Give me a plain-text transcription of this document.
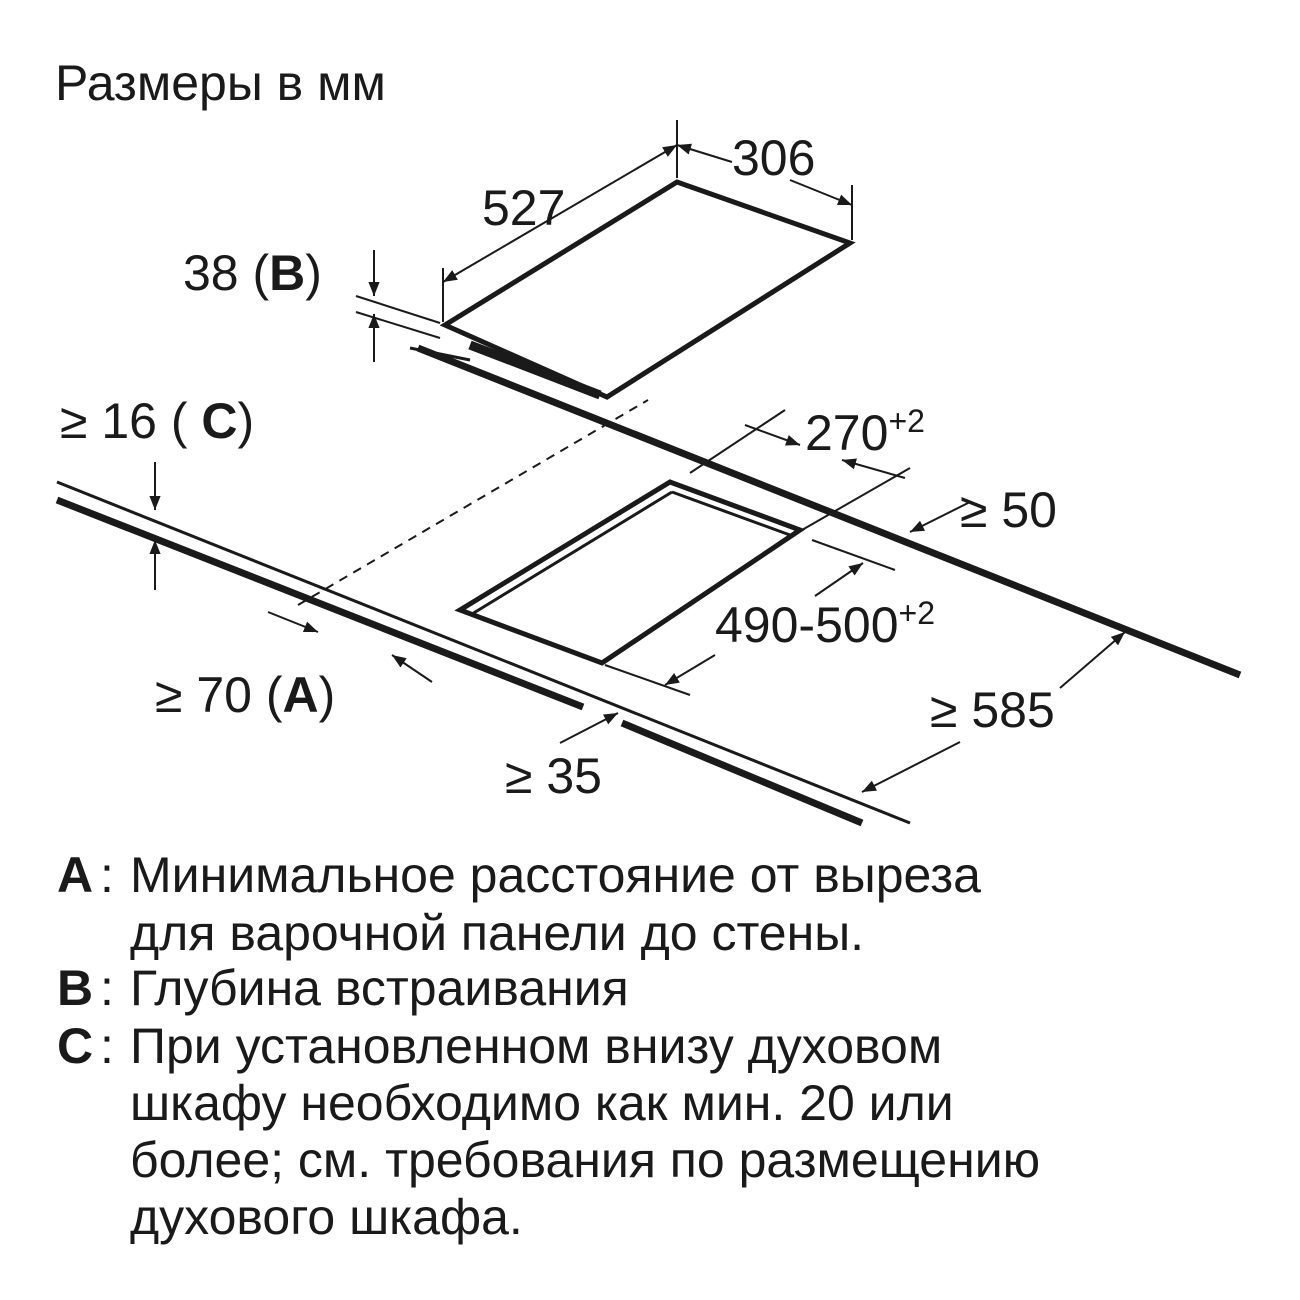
Размеры в мм
306
527
38 (B)
≥ 16 ( C)	$270^{+2}$
≥ 50
$490-500^{+2}$
≥ 585
≥ 70 (A)
≥ 35
A : Минимальное расстояние от выреза
для варочной панели до стены.
B : Глубина встраивания
C : При установленном внизу духовом
шкафу необходимо как мин. 20 или
более; см. требования по размещению
духового шкафа.
